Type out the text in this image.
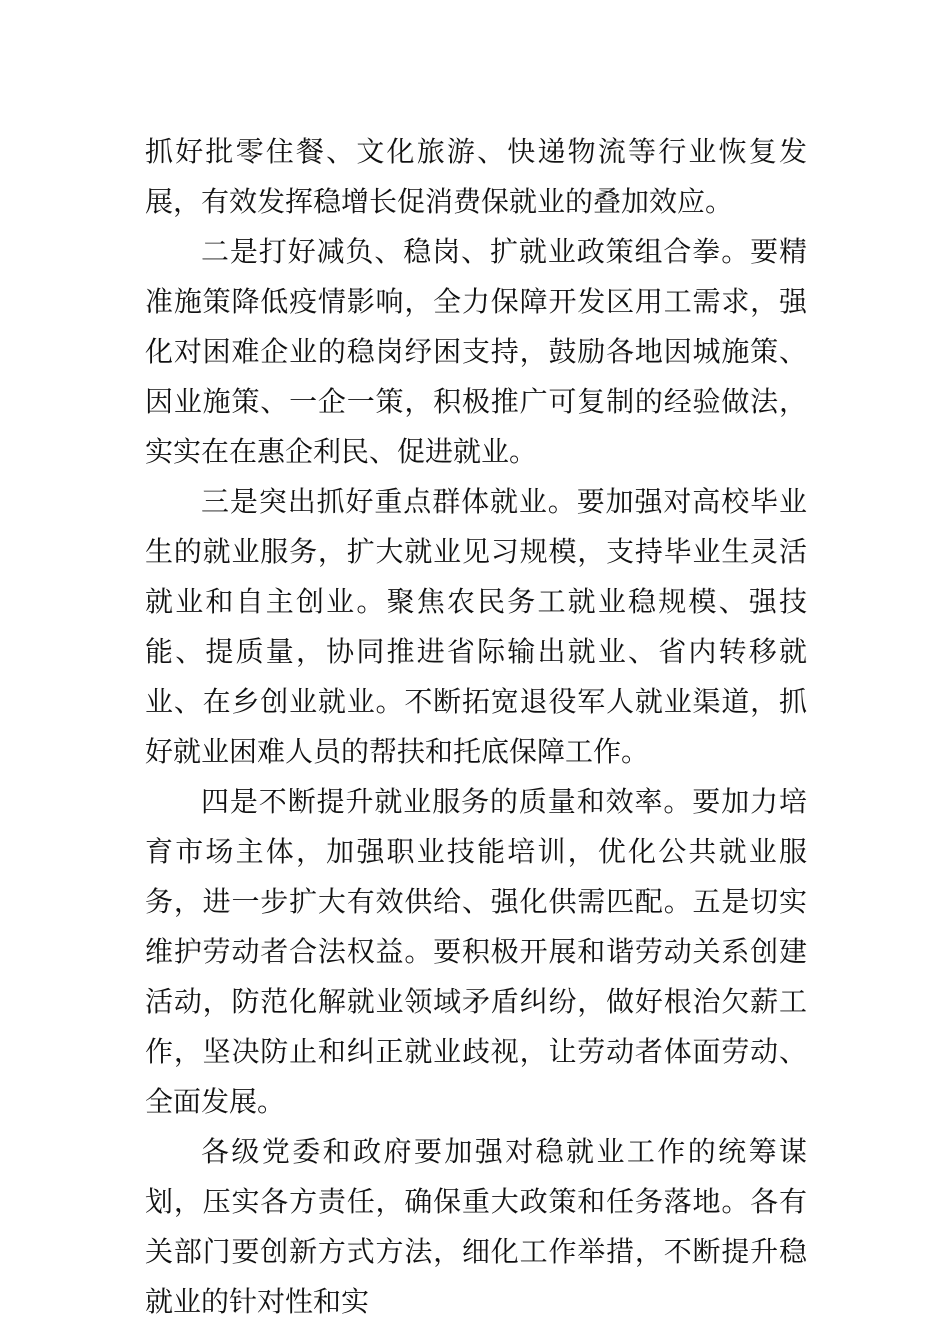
抓好批零住餐、文化旅游、快递物流等行业恢复发展，有效发挥稳增长促消费保就业的叠加效应。

二是打好减负、稳岗、扩就业政策组合拳。要精准施策降低疫情影响，全力保障开发区用工需求，强化对困难企业的稳岗纾困支持，鼓励各地因城施策、因业施策、一企一策，积极推广可复制的经验做法，实实在在惠企利民、促进就业。

三是突出抓好重点群体就业。要加强对高校毕业生的就业服务，扩大就业见习规模，支持毕业生灵活就业和自主创业。聚焦农民务工就业稳规模、强技能、提质量，协同推进省际输出就业、省内转移就业、在乡创业就业。不断拓宽退役军人就业渠道，抓好就业困难人员的帮扶和托底保障工作。

四是不断提升就业服务的质量和效率。要加力培育市场主体，加强职业技能培训，优化公共就业服务，进一步扩大有效供给、强化供需匹配。五是切实维护劳动者合法权益。要积极开展和谐劳动关系创建活动，防范化解就业领域矛盾纠纷，做好根治欠薪工作，坚决防止和纠正就业歧视，让劳动者体面劳动、全面发展。

各级党委和政府要加强对稳就业工作的统筹谋划，压实各方责任，确保重大政策和任务落地。各有关部门要创新方式方法，细化工作举措，不断提升稳就业的针对性和实
